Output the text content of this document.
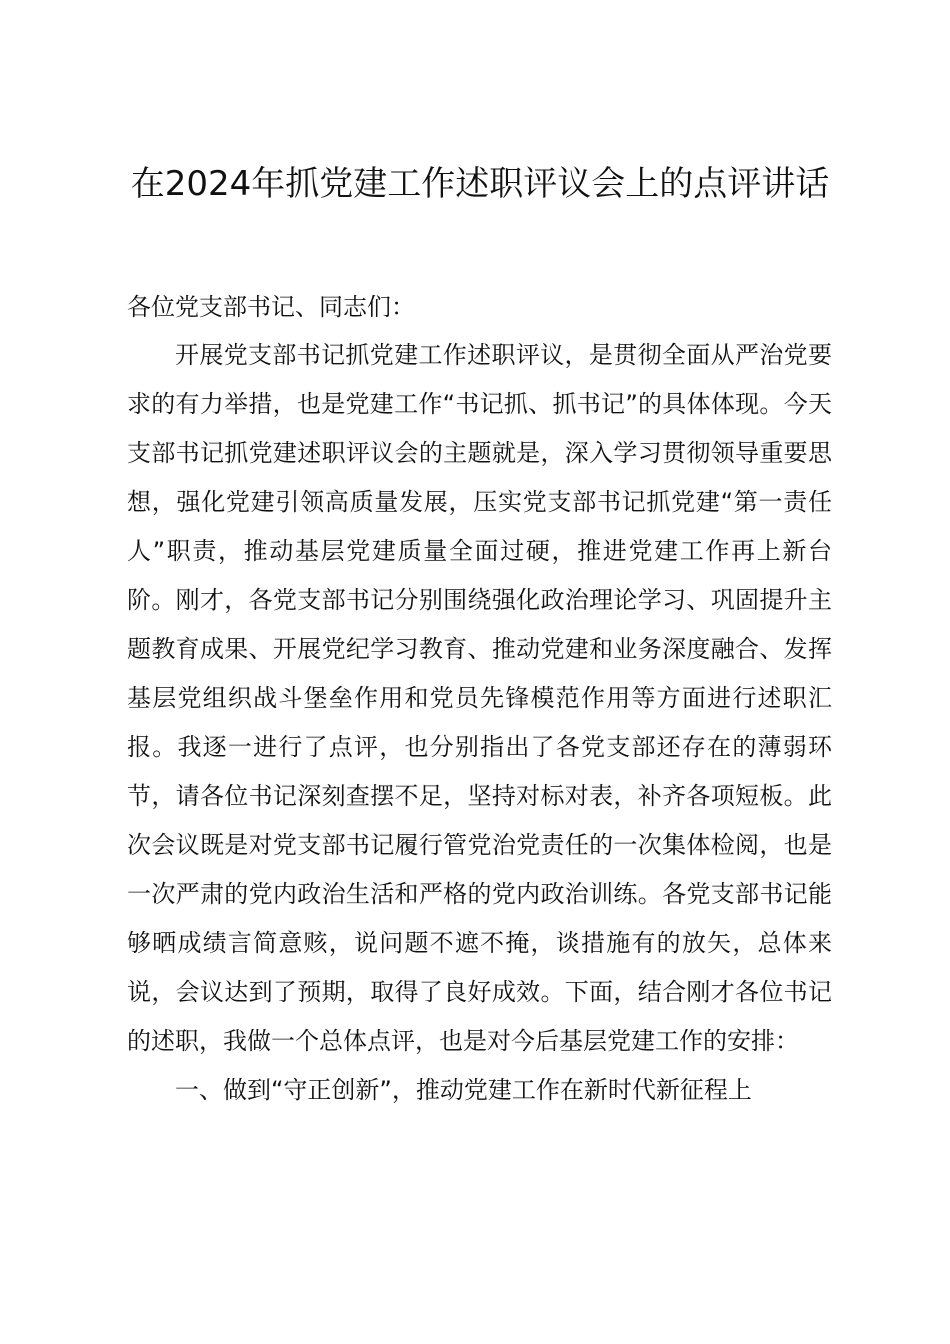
在2024年抓党建工作述职评议会上的点评讲话

各位党支部书记、同志们：

开展党支部书记抓党建工作述职评议，是贯彻全面从严治党要求的有力举措，也是党建工作“书记抓、抓书记”的具体体现。今天支部书记抓党建述职评议会的主题就是，深入学习贯彻领导重要思想，强化党建引领高质量发展，压实党支部书记抓党建“第一责任人”职责，推动基层党建质量全面过硬，推进党建工作再上新台阶。刚才，各党支部书记分别围绕强化政治理论学习、巩固提升主题教育成果、开展党纪学习教育、推动党建和业务深度融合、发挥基层党组织战斗堡垒作用和党员先锋模范作用等方面进行述职汇报。我逐一进行了点评，也分别指出了各党支部还存在的薄弱环节，请各位书记深刻查摆不足，坚持对标对表，补齐各项短板。此次会议既是对党支部书记履行管党治党责任的一次集体检阅，也是一次严肃的党内政治生活和严格的党内政治训练。各党支部书记能够晒成绩言简意赅，说问题不遮不掩，谈措施有的放矢，总体来说，会议达到了预期，取得了良好成效。下面，结合刚才各位书记的述职，我做一个总体点评，也是对今后基层党建工作的安排：

一、做到“守正创新”，推动党建工作在新时代新征程上
